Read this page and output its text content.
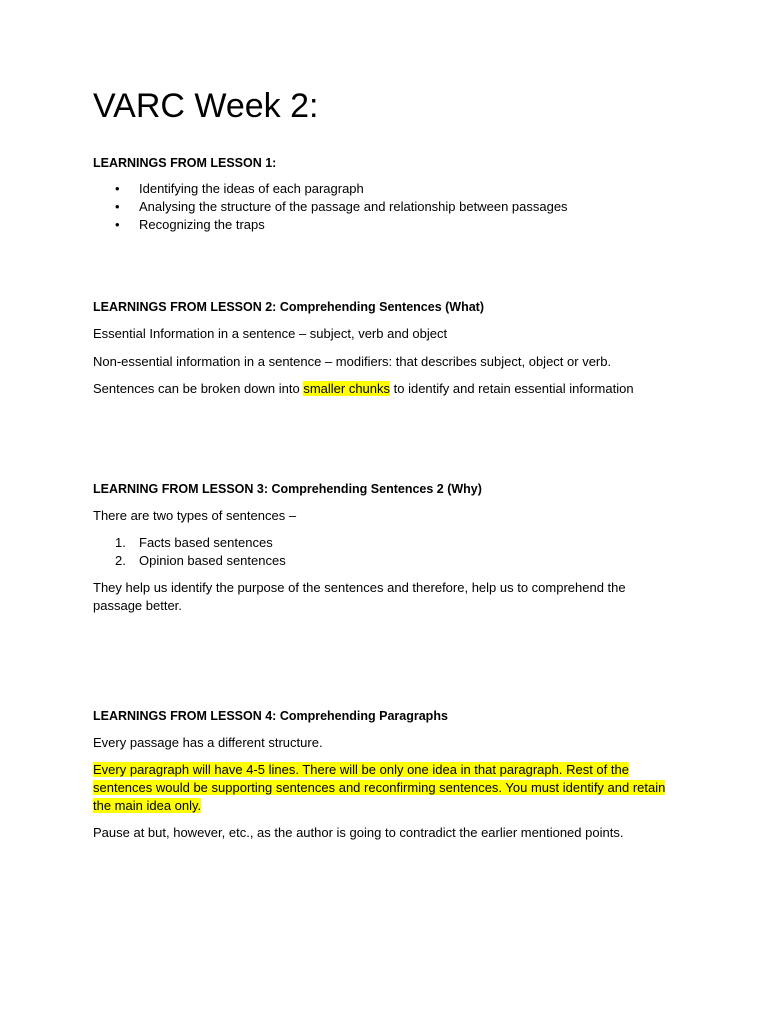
VARC Week 2:

LEARNINGS FROM LESSON 1:

• Identifying the ideas of each paragraph
• Analysing the structure of the passage and relationship between passages
• Recognizing the traps

LEARNINGS FROM LESSON 2: Comprehending Sentences (What)

Essential Information in a sentence – subject, verb and object

Non-essential information in a sentence – modifiers: that describes subject, object or verb.

Sentences can be broken down into smaller chunks to identify and retain essential information

LEARNING FROM LESSON 3: Comprehending Sentences 2 (Why)

There are two types of sentences –

1. Facts based sentences
2. Opinion based sentences

They help us identify the purpose of the sentences and therefore, help us to comprehend the passage better.

LEARNINGS FROM LESSON 4: Comprehending Paragraphs

Every passage has a different structure.

Every paragraph will have 4-5 lines. There will be only one idea in that paragraph. Rest of the sentences would be supporting sentences and reconfirming sentences. You must identify and retain the main idea only.

Pause at but, however, etc., as the author is going to contradict the earlier mentioned points.
